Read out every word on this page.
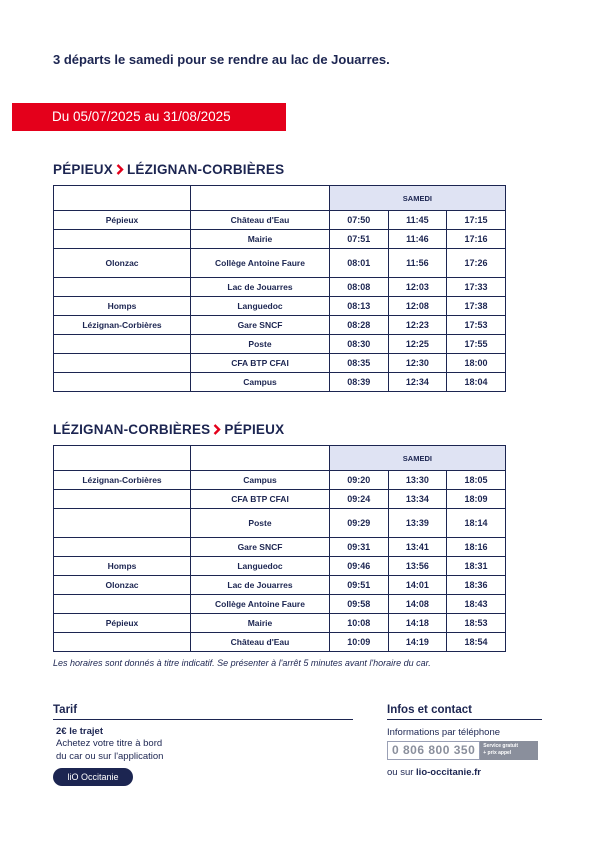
3 départs le samedi pour se rendre au lac de Jouarres.
Du 05/07/2025 au 31/08/2025
PÉPIEUX LÉZIGNAN-CORBIÈRES
		SAMEDI		
Pépieux	Château d'Eau	07:50	11:45	17:15
	Mairie	07:51	11:46	17:16
Olonzac	Collège Antoine Faure	08:01	11:56	17:26
	Lac de Jouarres	08:08	12:03	17:33
Homps	Languedoc	08:13	12:08	17:38
Lézignan-Corbières	Gare SNCF	08:28	12:23	17:53
	Poste	08:30	12:25	17:55
	CFA BTP CFAI	08:35	12:30	18:00
	Campus	08:39	12:34	18:04
LÉZIGNAN-CORBIÈRES PÉPIEUX
		SAMEDI		
Lézignan-Corbières	Campus	09:20	13:30	18:05
	CFA BTP CFAI	09:24	13:34	18:09
	Poste	09:29	13:39	18:14
	Gare SNCF	09:31	13:41	18:16
Homps	Languedoc	09:46	13:56	18:31
Olonzac	Lac de Jouarres	09:51	14:01	18:36
	Collège Antoine Faure	09:58	14:08	18:43
Pépieux	Mairie	10:08	14:18	18:53
	Château d'Eau	10:09	14:19	18:54
Les horaires sont donnés à titre indicatif. Se présenter à l'arrêt 5 minutes avant l'horaire du car.
Tarif
2€ le trajet
Achetez votre titre à bord
du car ou sur l'application
liO Occitanie
Infos et contact
Informations par téléphone
0 806 800 350	Service gratuit
+ prix appel
ou sur lio-occitanie.fr
